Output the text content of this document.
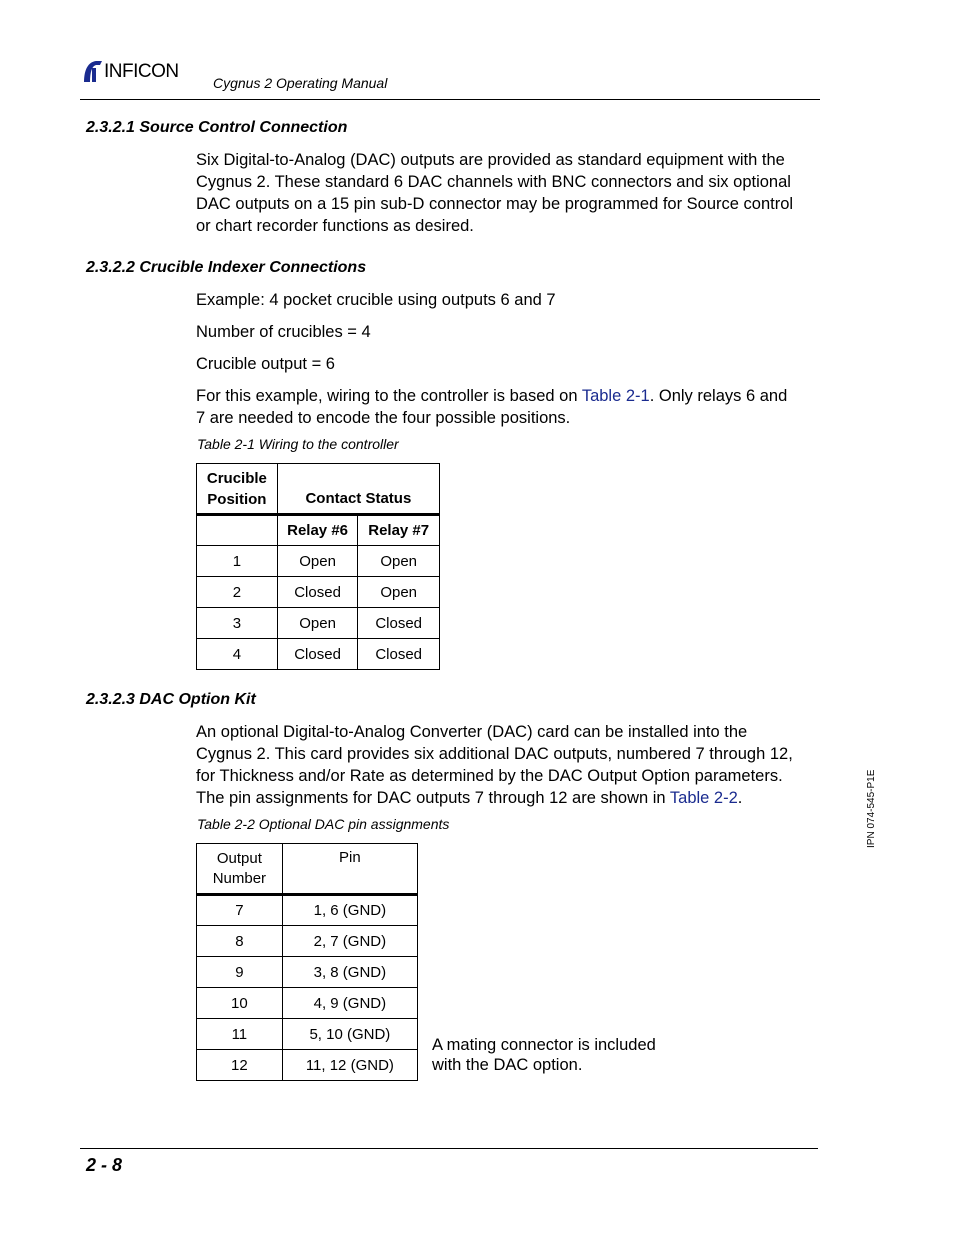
INFICON
Cygnus 2 Operating Manual
2.3.2.1 Source Control Connection
Six Digital-to-Analog (DAC) outputs are provided as standard equipment with the
Cygnus 2. These standard 6 DAC channels with BNC connectors and six optional
DAC outputs on a 15 pin sub-D connector may be programmed for Source control
or chart recorder functions as desired.
2.3.2.2 Crucible Indexer Connections
Example: 4 pocket crucible using outputs 6 and 7
Number of crucibles = 4
Crucible output = 6
For this example, wiring to the controller is based on Table 2-1. Only relays 6 and
7 are needed to encode the four possible positions.
Table 2-1 Wiring to the controller
Crucible
Position	Contact Status	
	Relay #6	Relay #7
1	Open	Open
2	Closed	Open
3	Open	Closed
4	Closed	Closed
2.3.2.3 DAC Option Kit
An optional Digital-to-Analog Converter (DAC) card can be installed into the
Cygnus 2. This card provides six additional DAC outputs, numbered 7 through 12,
for Thickness and/or Rate as determined by the DAC Output Option parameters.
The pin assignments for DAC outputs 7 through 12 are shown in Table 2-2.
Table 2-2 Optional DAC pin assignments
Output
Number	Pin
7	1, 6 (GND)
8	2, 7 (GND)
9	3, 8 (GND)
10	4, 9 (GND)
11	5, 10 (GND)
12	11, 12 (GND)
A mating connector is included
with the DAC option.
IPN 074-545-P1E
2 - 8
